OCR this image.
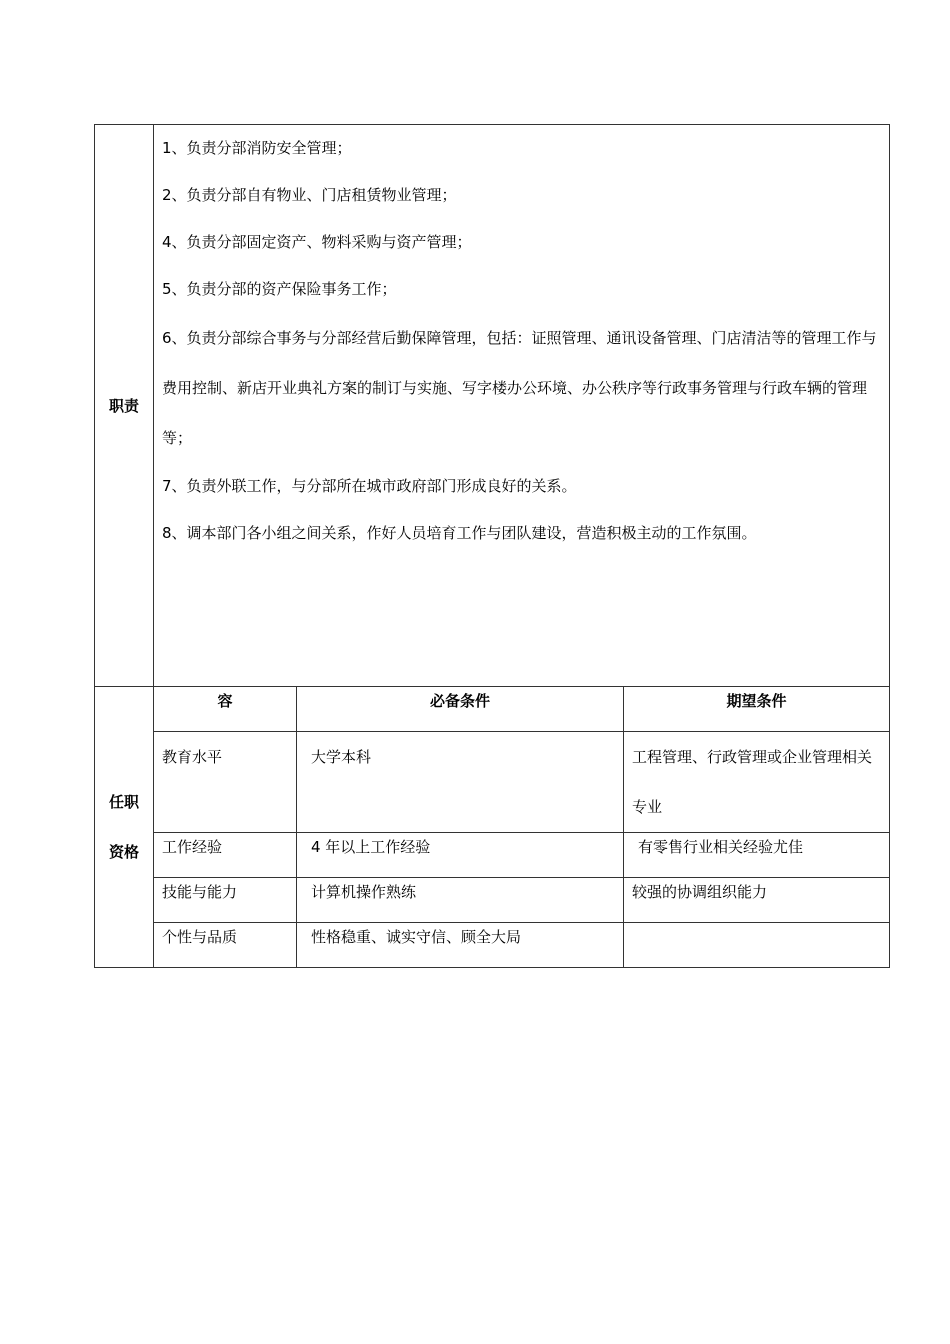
职责	
1、负责分部消防安全管理；
2、负责分部自有物业、门店租赁物业管理；
4、负责分部固定资产、物料采购与资产管理；
5、负责分部的资产保险事务工作；
6、负责分部综合事务与分部经营后勤保障管理，包括：证照管理、通讯设备管理、门店清洁等的管理工作与费用控制、新店开业典礼方案的制订与实施、写字楼办公环境、办公秩序等行政事务管理与行政车辆的管理等；
7、负责外联工作，与分部所在城市政府部门形成良好的关系。
8、调本部门各小组之间关系，作好人员培育工作与团队建设，营造积极主动的工作氛围。

任职
资格

容	必备条件	期望条件
教育水平	大学本科	工程管理、行政管理或企业管理相关专业
工作经验	4 年以上工作经验	有零售行业相关经验尤佳
技能与能力	计算机操作熟练	较强的协调组织能力
个性与品质	性格稳重、诚实守信、顾全大局	
